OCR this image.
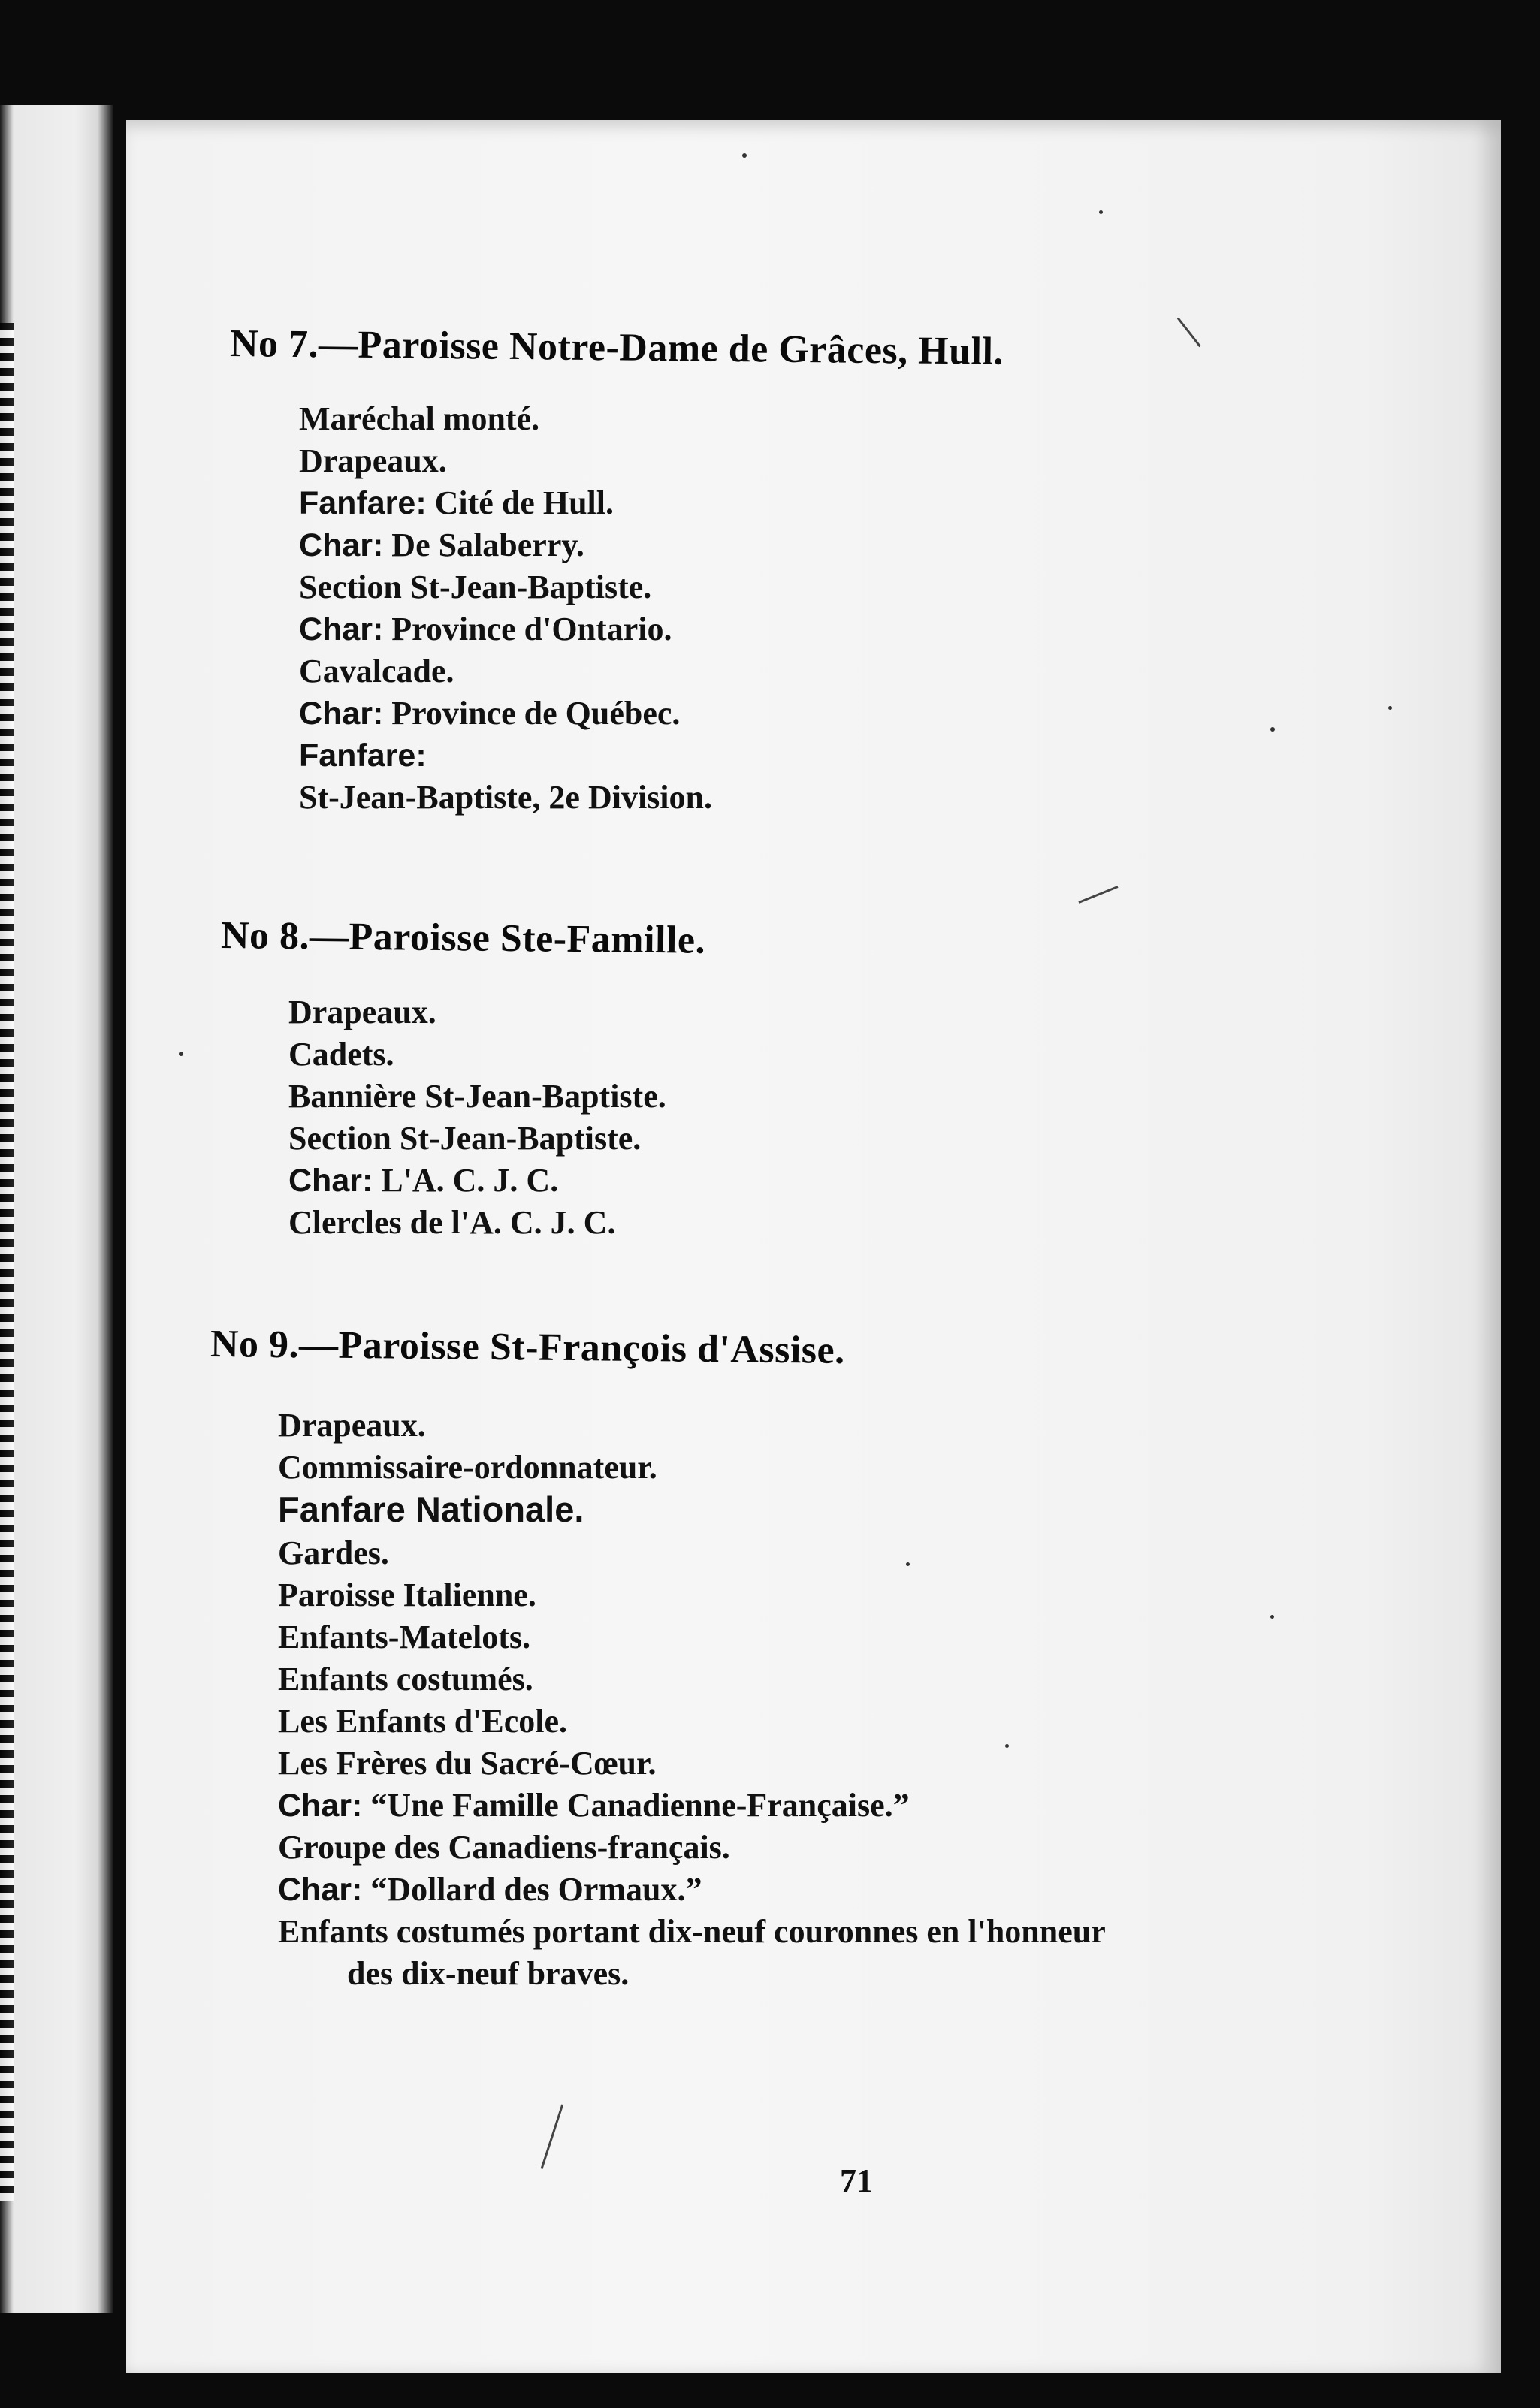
No 7.—Paroisse Notre-Dame de Grâces, Hull.
Maréchal monté.
Drapeaux.
Fanfare: Cité de Hull.
Char: De Salaberry.
Section St-Jean-Baptiste.
Char: Province d'Ontario.
Cavalcade.
Char: Province de Québec.
Fanfare:
St-Jean-Baptiste, 2e Division.
No 8.—Paroisse Ste-Famille.
Drapeaux.
Cadets.
Bannière St-Jean-Baptiste.
Section St-Jean-Baptiste.
Char: L'A. C. J. C.
Clercles de l'A. C. J. C.
No 9.—Paroisse St-François d'Assise.
Drapeaux.
Commissaire-ordonnateur.
Fanfare Nationale.
Gardes.
Paroisse Italienne.
Enfants-Matelots.
Enfants costumés.
Les Enfants d'Ecole.
Les Frères du Sacré-Cœur.
Char: “Une Famille Canadienne-Française.”
Groupe des Canadiens-français.
Char: “Dollard des Ormaux.”
Enfants costumés portant dix-neuf couronnes en l'honneur
des dix-neuf braves.
71
